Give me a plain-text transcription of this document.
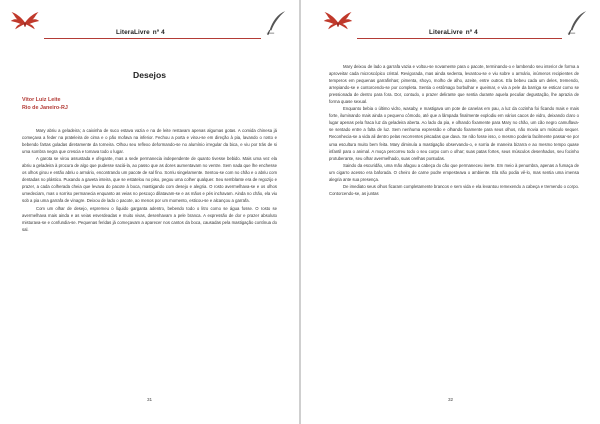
LiteraLivre nº 4
Desejos
Vitor Luiz Leite
Rio de Janeiro-RJ

Mary abriu a geladeira; a caixinha de suco estava vazia e na de leite restavam apenas algumas gotas. A comida chinesa já começava a feder na prateleira de cima e o pão mofava na inferior. Fechou a porta e virou-se em direção à pia, lavando o rosto e bebendo fartas goladas diretamente da torneira. Olhou seu reflexo deformando-se no alumínio irregular da bica, e viu por trás de si uma sombra negra que crescia e tomava todo o lugar.

A garota se virou assustada e ofegante, mas a sede permanecia independente de quanto tivesse bebido. Mais uma vez ela abriu a geladeira à procura de algo que pudesse saciá-la, ao passo que as dores aumentavam no ventre. Sem nada que lhe enchesse os olhos girou e então abriu o armário, encontrando um pacote de sal fino. Sorriu singelamente. Sentou-se com no chão e o abriu com dentadas no plástico. Puxando a gaveta inteira, que se estatelou no piso, pegou uma colher qualquer. Seu semblante era de regozijo e prazer, a cada colherada cheia que levava do pacote à boca, mastigando com desejo e alegria. O rosto avermelhava-se e os olhos umedeciam, mas o sorriso permanecia enquanto as veias no pescoço dilatavam-se e as mãos e pés inchavam. Ainda no chão, ela viu sob a pia uma garrafa de vinagre. Deixou de lado o pacote, ao menos por um momento, esticou-se e alcançou a garrafa.

Com um olhar de desejo, espremeu o líquido garganta adentro, bebendo todo o litro como se água fosse. O rosto se avermelhava mais ainda e as veias esverdeadas e muito vivas, desenhavam a pele branca. A expressão de dor e prazer absoluto misturava-se e confundia-se. Pequenas feridas já começavam a aparecer nos cantos da boca, causadas pela mastigação contínua do sal.

31
LiteraLivre nº 4

Mary deixou de lado a garrafa vazia e voltou-se novamente para o pacote, terminando-o e lambendo seu interior de forma a aproveitar cada microscópico cristal. Revigorada, mas ainda sedenta, levantou-se e viu sobre o armário, inúmeros recipientes de temperos em pequenas garrafinhas; pimenta, shoyo, molho de alho, azeite, entre outros. Ela bebeu cada um deles, tremendo, arrepiando-se e contorcendo-se por completa. Sentia o estômago borbulhar e queimar, e via a pele da barriga se esticar como se pressionada de dentro para fora. Dor, contudo, o prazer delirante que sentia durante aquela peculiar degustação, lhe aprazia de forma quase sexual.

Enquanto bebia o último vidro, wasaby, e mastigava um pote de canelas em pau, a luz da cozinha foi ficando mais e mais forte, iluminando mais ainda o pequeno cômodo, até que a lâmpada finalmente explodiu em vários cacos de vidro, deixando claro o lugar apenas pela fraca luz da geladeira aberta. Ao lado da pia, e olhando fixamente para Mary no chão, um cão negro camuflava-se sentado entre a falta de luz. Sem nenhuma expressão e olhando fixamente para seus olhos, não movia um músculo sequer. Reconhecia-se a vida ali dentro pelas recorrentes piscadas que dava. Se não fosse isso, o mesmo poderia facilmente passar-se por uma escultura muito bem feita. Mary diminuía a mastigação observando-o, e sorria de maneira bizarra e ao mesmo tempo quase infantil para o animal. A moça percorreu todo o seu corpo com o olhar; suas patas fortes, seus músculos desenhados, seu focinho protuberante, seu olhar avermelhado, suas orelhas pontudas.

Saindo da escuridão, uma mão afagou a cabeça do cão que permaneceu inerte. Em meio à penumbra, apenas a fumaça de um cigarro acesso era baforada. O cheiro de carne podre empesteava o ambiente. Ela não podia vê-lo, mas sentia uma imensa alegria ante sua presença.

De imediato seus olhos ficaram completamente brancos e sem vida e ela levantou remexendo a cabeça e tremendo o corpo. Contorcendo-se, as juntas

32
